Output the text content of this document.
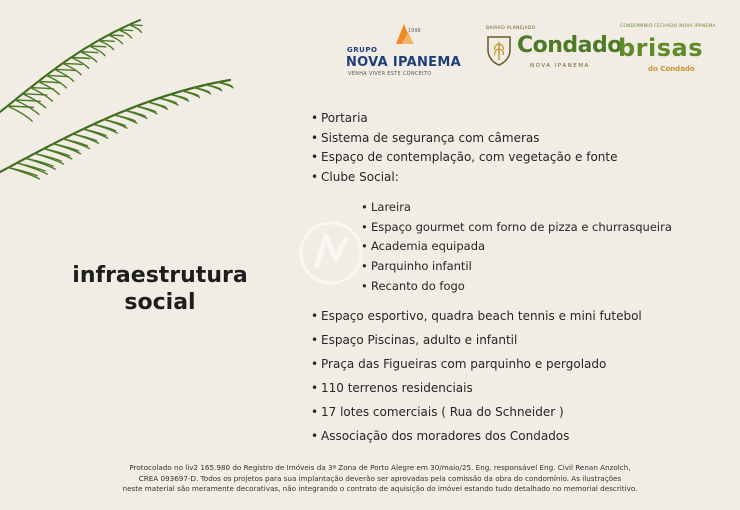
1998
GRUPO
NOVA IPANEMA
VENHA VIVER ESTE CONCEITO
BAIRRO PLANEJADO
Condado
NOVA IPANEMA
CONDOMÍNIO FECHADO NOVA IPANEMA
brisas
do Condado
infraestrutura
social
• Portaria
• Sistema de segurança com câmeras
• Espaço de contemplação, com vegetação e fonte
• Clube Social:
• Lareira
• Espaço gourmet com forno de pizza e churrasqueira
• Academia equipada
• Parquinho infantil
• Recanto do fogo
• Espaço esportivo, quadra beach tennis e mini futebol
• Espaço Piscinas, adulto e infantil
• Praça das Figueiras com parquinho e pergolado
• 110 terrenos residenciais
• 17 lotes comerciais ( Rua do Schneider )
• Associação dos moradores dos Condados
Protocolado no liv2 165.980 do Registro de Imóveis da 3ª Zona de Porto Alegre em 30/maio/25. Eng. responsável Eng. Civil Renan Anzolch,
CREA 093697-D. Todos os projetos para sua implantação deverão ser aprovadas pela comissão da obra do condomínio. As ilustrações
neste material são meramente decorativas, não integrando o contrato de aquisição do imóvel estando tudo detalhado no memorial descritivo.
